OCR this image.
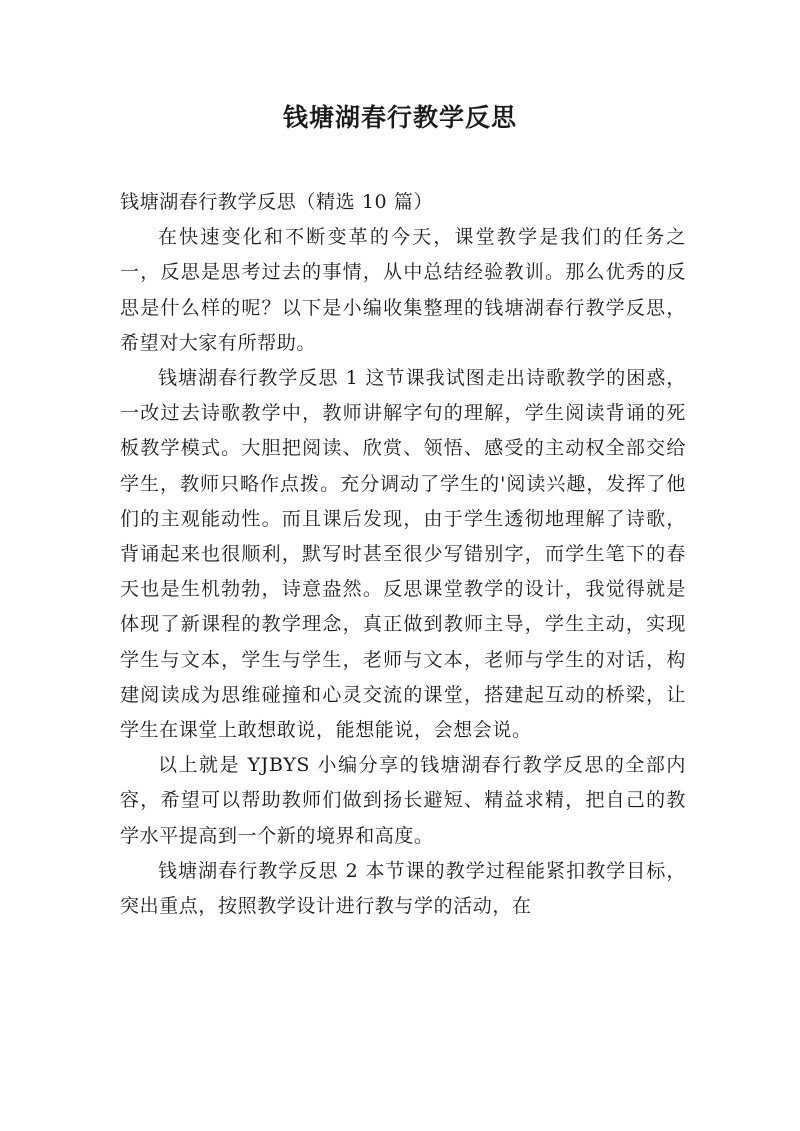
钱塘湖春行教学反思

钱塘湖春行教学反思（精选 10 篇）

在快速变化和不断变革的今天，课堂教学是我们的任务之一，反思是思考过去的事情，从中总结经验教训。那么优秀的反思是什么样的呢？以下是小编收集整理的钱塘湖春行教学反思，希望对大家有所帮助。

钱塘湖春行教学反思 1 这节课我试图走出诗歌教学的困惑，一改过去诗歌教学中，教师讲解字句的理解，学生阅读背诵的死板教学模式。大胆把阅读、欣赏、领悟、感受的主动权全部交给学生，教师只略作点拨。充分调动了学生的'阅读兴趣，发挥了他们的主观能动性。而且课后发现，由于学生透彻地理解了诗歌，背诵起来也很顺利，默写时甚至很少写错别字，而学生笔下的春天也是生机勃勃，诗意盎然。反思课堂教学的设计，我觉得就是体现了新课程的教学理念，真正做到教师主导，学生主动，实现学生与文本，学生与学生，老师与文本，老师与学生的对话，构建阅读成为思维碰撞和心灵交流的课堂，搭建起互动的桥梁，让学生在课堂上敢想敢说，能想能说，会想会说。

以上就是 YJBYS 小编分享的钱塘湖春行教学反思的全部内容，希望可以帮助教师们做到扬长避短、精益求精，把自己的教学水平提高到一个新的境界和高度。

钱塘湖春行教学反思 2 本节课的教学过程能紧扣教学目标，突出重点，按照教学设计进行教与学的活动，在
